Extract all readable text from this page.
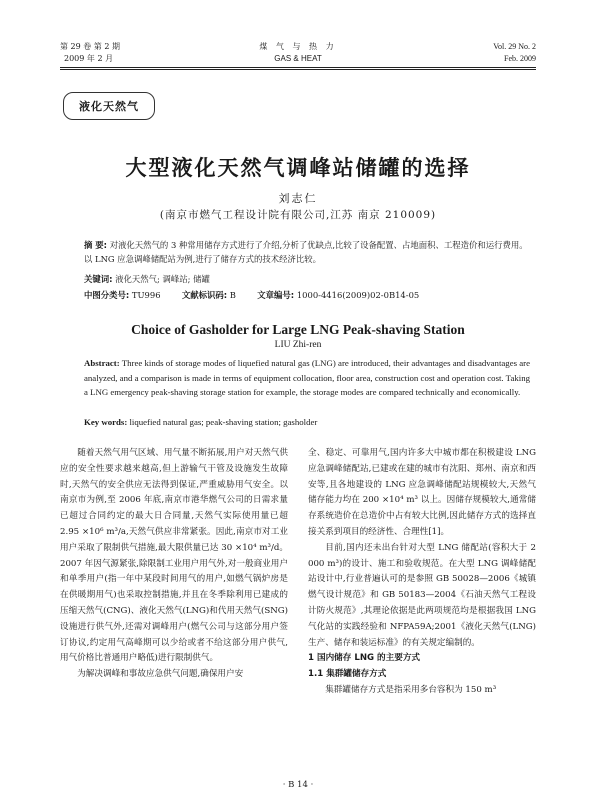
第 29 卷 第 2 期
2009 年 2 月
煤 气 与 热 力
GAS & HEAT
Vol. 29 No. 2
Feb. 2009
液化天然气
大型液化天然气调峰站储罐的选择
刘志仁
(南京市燃气工程设计院有限公司,江苏 南京 210009)
摘 要: 对液化天然气的 3 种常用储存方式进行了介绍,分析了优缺点,比较了设备配置、占地面积、工程造价和运行费用。以 LNG 应急调峰储配站为例,进行了储存方式的技术经济比较。
关键词: 液化天然气; 调峰站; 储罐
中图分类号: TU996	文献标识码: B	文章编号: 1000-4416(2009)02-0B14-05
Choice of Gasholder for Large LNG Peak-shaving Station
LIU Zhi-ren
Abstract: Three kinds of storage modes of liquefied natural gas (LNG) are introduced, their advantages and disadvantages are analyzed, and a comparison is made in terms of equipment collocation, floor area, construction cost and operation cost. Taking a LNG emergency peak-shaving storage station for example, the storage modes are compared technically and economically.
Key words: liquefied natural gas; peak-shaving station; gasholder

随着天然气用气区域、用气量不断拓展,用户对天然气供应的安全性要求越来越高,但上游输气干管及设施发生故障时,天然气的安全供应无法得到保证,严重威胁用气安全。以南京市为例,至 2006 年底,南京市港华燃气公司的日需求量已超过合同约定的最大日合同量,天然气实际使用量已超 2.95 ×10⁶ m³/a,天然气供应非常紧张。因此,南京市对工业用户采取了限制供气措施,最大限供量已达 30 ×10⁴ m³/d。2007 年因气源紧张,除限制工业用户用气外,对一般商业用户和单季用户(指一年中某段时间用气的用户,如燃气锅炉房是在供暖期用气)也采取控制措施,并且在冬季除利用已建成的压缩天然气(CNG)、液化天然气(LNG)和代用天然气(SNG)设施进行供气外,还需对调峰用户(燃气公司与这部分用户签订协议,约定用气高峰期可以少给或者不给这部分用户供气,用气价格比普通用户略低)进行限制供气。

为解决调峰和事故应急供气问题,确保用户安

全、稳定、可靠用气,国内许多大中城市都在积极建设 LNG 应急调峰储配站,已建或在建的城市有沈阳、郑州、南京和西安等,且各地建设的 LNG 应急调峰储配站规模较大,天然气储存能力均在 200 ×10⁴ m³ 以上。因储存规模较大,通常储存系统造价在总造价中占有较大比例,因此储存方式的选择直接关系到项目的经济性、合理性[1]。

目前,国内还未出台针对大型 LNG 储配站(容积大于 2 000 m³)的设计、施工和验收规范。在大型 LNG 调峰储配站设计中,行业普遍认可的是参照 GB 50028—2006《城镇燃气设计规范》和 GB 50183—2004《石油天然气工程设计防火规范》,其理论依据是此两项规范均是根据我国 LNG 气化站的实践经验和 NFPA59A;2001《液化天然气(LNG)生产、储存和装运标准》的有关规定编制的。

1 国内储存 LNG 的主要方式
1.1 集群罐储存方式

集群罐储存方式是指采用多台容积为 150 m³

· B 14 ·
